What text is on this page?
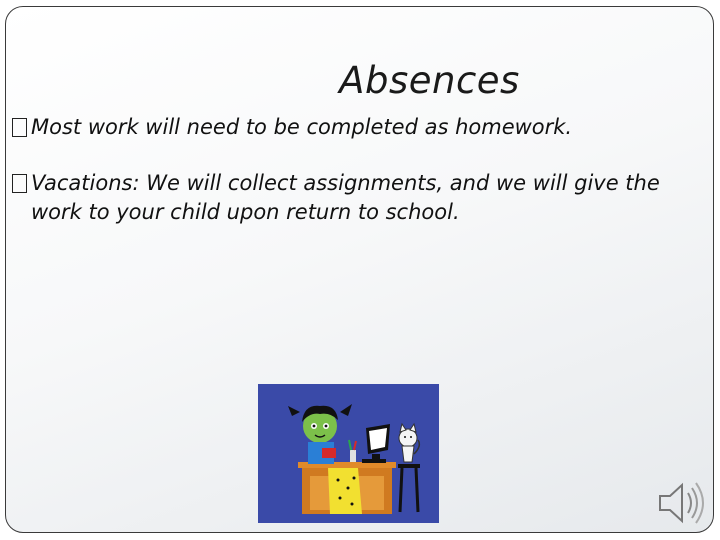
Absences
Most work will need to be completed as homework.
Vacations: We will collect assignments, and we will give the work to your child upon return to school.
